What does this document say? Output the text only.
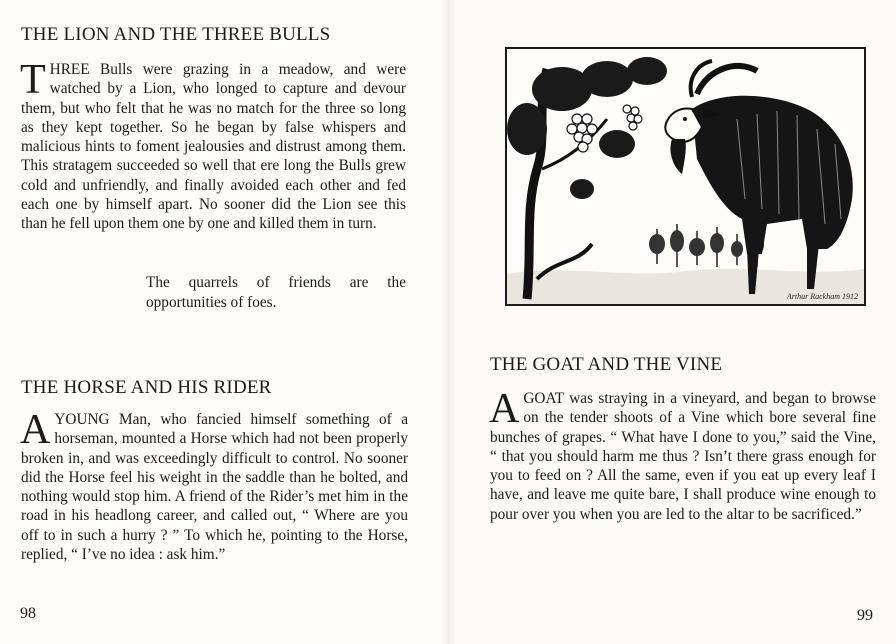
THE LION AND THE THREE BULLS

THREE Bulls were grazing in a meadow, and were watched by a Lion, who longed to capture and devour them, but who felt that he was no match for the three so long as they kept together. So he began by false whispers and malicious hints to foment jealousies and distrust among them. This stratagem succeeded so well that ere long the Bulls grew cold and unfriendly, and finally avoided each other and fed each one by himself apart. No sooner did the Lion see this than he fell upon them one by one and killed them in turn.

The quarrels of friends are the opportunities of foes.

THE HORSE AND HIS RIDER

AYOUNG Man, who fancied himself something of a horseman, mounted a Horse which had not been properly broken in, and was exceedingly difficult to control. No sooner did the Horse feel his weight in the saddle than he bolted, and nothing would stop him. A friend of the Rider’s met him in the road in his headlong career, and called out, “ Where are you off to in such a hurry ? ” To which he, pointing to the Horse, replied, “ I’ve no idea : ask him.”

98
Arthur Rackham 1912
THE GOAT AND THE VINE

AGOAT was straying in a vineyard, and began to browse on the tender shoots of a Vine which bore several fine bunches of grapes. “ What have I done to you,” said the Vine, “ that you should harm me thus ? Isn’t there grass enough for you to feed on ? All the same, even if you eat up every leaf I have, and leave me quite bare, I shall produce wine enough to pour over you when you are led to the altar to be sacrificed.”

99
